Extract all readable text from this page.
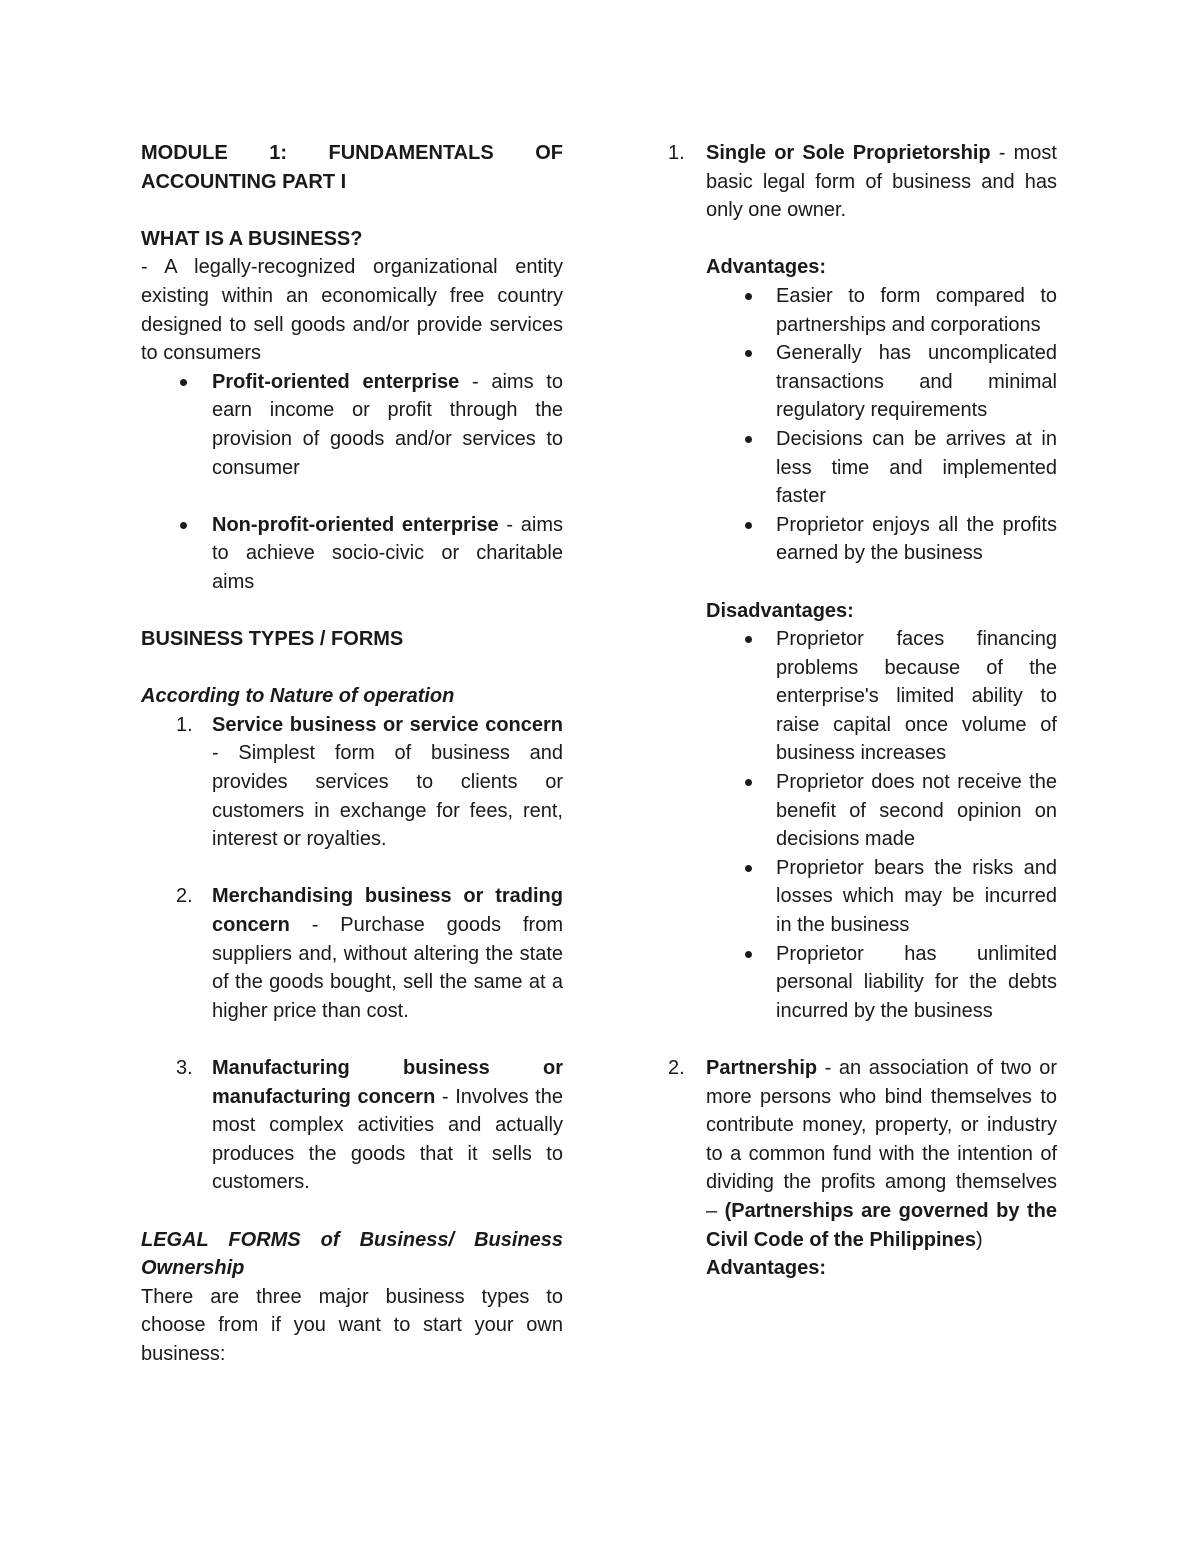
MODULE 1: FUNDAMENTALS OF ACCOUNTING PART I

WHAT IS A BUSINESS?

- A legally-recognized organizational entity existing within an economically free country designed to sell goods and/or provide services to consumers

Profit-oriented enterprise - aims to earn income or profit through the provision of goods and/or services to consumer
Non-profit-oriented enterprise - aims to achieve socio-civic or charitable aims

BUSINESS TYPES / FORMS

According to Nature of operation

1. Service business or service concern - Simplest form of business and provides services to clients or customers in exchange for fees, rent, interest or royalties.
2. Merchandising business or trading concern - Purchase goods from suppliers and, without altering the state of the goods bought, sell the same at a higher price than cost.
3. Manufacturing business or manufacturing concern - Involves the most complex activities and actually produces the goods that it sells to customers.

LEGAL FORMS of Business/ Business Ownership

There are three major business types to choose from if you want to start your own business:

1. Single or Sole Proprietorship - most basic legal form of business and has only one owner.

Advantages:

Easier to form compared to partnerships and corporations
Generally has uncomplicated transactions and minimal regulatory requirements
Decisions can be arrives at in less time and implemented faster
Proprietor enjoys all the profits earned by the business

Disadvantages:

Proprietor faces financing problems because of the enterprise's limited ability to raise capital once volume of business increases
Proprietor does not receive the benefit of second opinion on decisions made
Proprietor bears the risks and losses which may be incurred in the business
Proprietor has unlimited personal liability for the debts incurred by the business
2. Partnership - an association of two or more persons who bind themselves to contribute money, property, or industry to a common fund with the intention of dividing the profits among themselves – (Partnerships are governed by the Civil Code of the Philippines)

Advantages:
